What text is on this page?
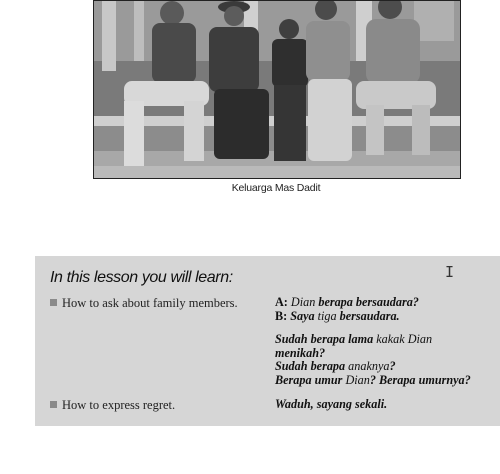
Keluarga Mas Dadit
In this lesson you will learn:	I
How to ask about family members.	A: Dian berapa bersaudara?
B: Saya tiga bersaudara.
Sudah berapa lama kakak Dian
menikah?
Sudah berapa anaknya?
Berapa umur Dian? Berapa umurnya?
How to express regret.	Waduh, sayang sekali.
